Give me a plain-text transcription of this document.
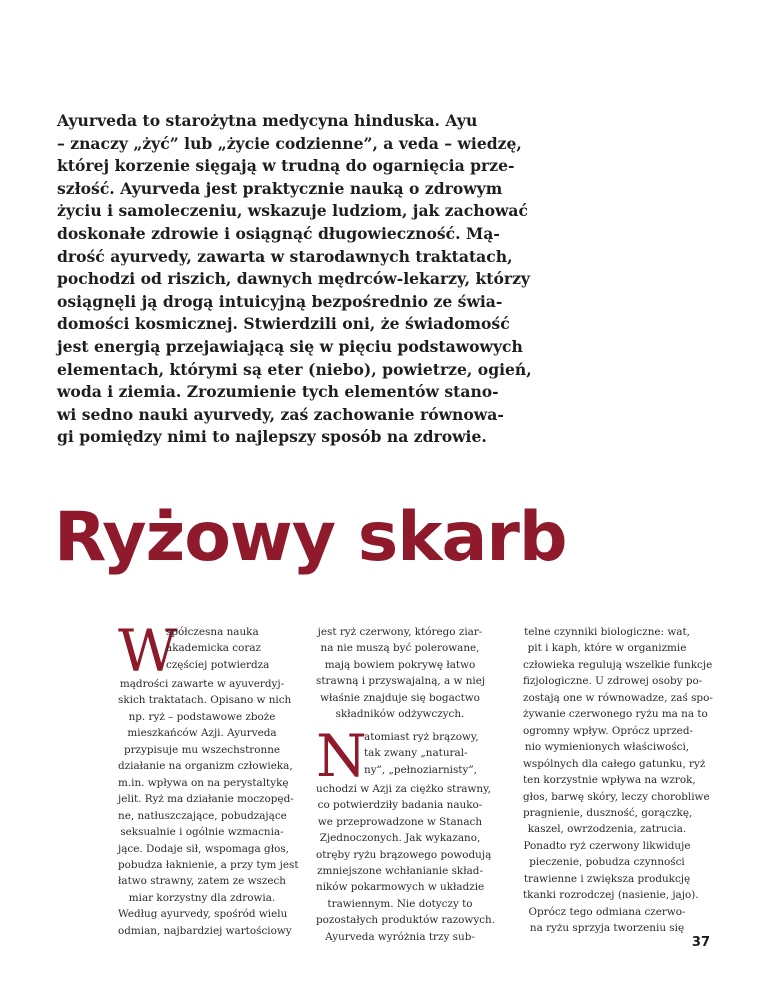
Ayurveda to starożytna medycyna hinduska. Ayu
– znaczy „żyć” lub „życie codzienne”, a veda – wiedzę,
której korzenie sięgają w trudną do ogarnięcia prze-
szłość. Ayurveda jest praktycznie nauką o zdrowym
życiu i samoleczeniu, wskazuje ludziom, jak zachować
doskonałe zdrowie i osiągnąć długowieczność. Mą-
drość ayurvedy, zawarta w starodawnych traktatach,
pochodzi od riszich, dawnych mędrców-lekarzy, którzy
osiągnęli ją drogą intuicyjną bezpośrednio ze świa-
domości kosmicznej. Stwierdzili oni, że świadomość
jest energią przejawiającą się w pięciu podstawowych
elementach, którymi są eter (niebo), powietrze, ogień,
woda i ziemia. Zrozumienie tych elementów stano-
wi sedno nauki ayurvedy, zaś zachowanie równowa-
gi pomiędzy nimi to najlepszy sposób na zdrowie.
Ryżowy skarb
W
spółczesna nauka
akademicka coraz
częściej potwierdza
mądrości zawarte w ayuverdyj-
skich traktatach. Opisano w nich
np. ryż – podstawowe zboże
mieszkańców Azji. Ayurveda
przypisuje mu wszechstronne
działanie na organizm człowieka,
m.in. wpływa on na perystaltykę
jelit. Ryż ma działanie moczopęd-
ne, natłuszczające, pobudzające
seksualnie i ogólnie wzmacnia-
jące. Dodaje sił, wspomaga głos,
pobudza łaknienie, a przy tym jest
łatwo strawny, zatem ze wszech
miar korzystny dla zdrowia.
Według ayurvedy, spośród wielu
odmian, najbardziej wartościowy
jest ryż czerwony, którego ziar-
na nie muszą być polerowane,
mają bowiem pokrywę łatwo
strawną i przyswajalną, a w niej
właśnie znajduje się bogactwo
składników odżywczych.
N
atomiast ryż brązowy,
tak zwany „natural-
ny”, „pełnoziarnisty”,
uchodzi w Azji za ciężko strawny,
co potwierdziły badania nauko-
we przeprowadzone w Stanach
Zjednoczonych. Jak wykazano,
otręby ryżu brązowego powodują
zmniejszone wchłanianie skład-
ników pokarmowych w układzie
trawiennym. Nie dotyczy to
pozostałych produktów razowych.
Ayurveda wyróżnia trzy sub-
telne czynniki biologiczne: wat,
pit i kaph, które w organizmie
człowieka regulują wszelkie funkcje
fizjologiczne. U zdrowej osoby po-
zostają one w równowadze, zaś spo-
żywanie czerwonego ryżu ma na to
ogromny wpływ. Oprócz uprzed-
nio wymienionych właściwości,
wspólnych dla całego gatunku, ryż
ten korzystnie wpływa na wzrok,
głos, barwę skóry, leczy chorobliwe
pragnienie, duszność, gorączkę,
kaszel, owrzodzenia, zatrucia.
Ponadto ryż czerwony likwiduje
pieczenie, pobudza czynności
trawienne i zwiększa produkcję
tkanki rozrodczej (nasienie, jajo).
Oprócz tego odmiana czerwo-
na ryżu sprzyja tworzeniu się
37
